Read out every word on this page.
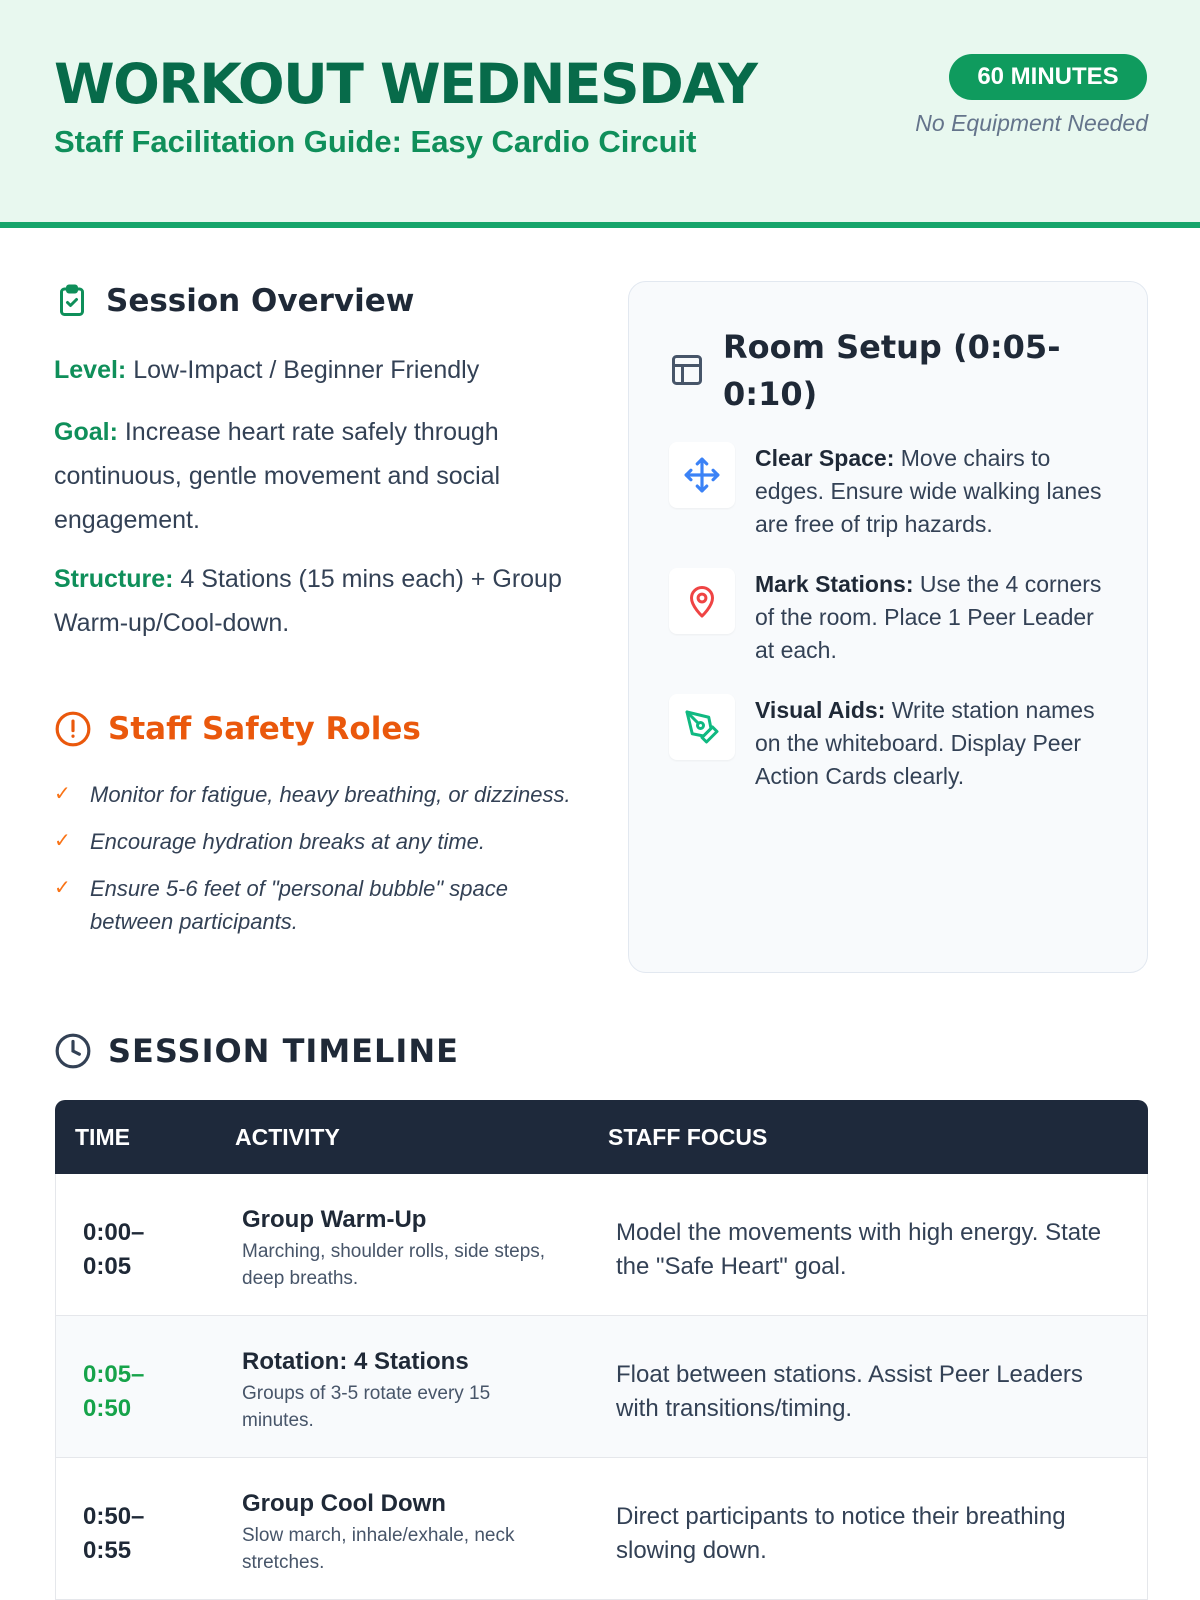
WORKOUT WEDNESDAY
Staff Facilitation Guide: Easy Cardio Circuit
60 MINUTES
No Equipment Needed
Session Overview

Level: Low-Impact / Beginner Friendly

Goal: Increase heart rate safely through continuous, gentle movement and social engagement.

Structure: 4 Stations (15 mins each) + Group Warm-up/Cool-down.

Staff Safety Roles
✓ Monitor for fatigue, heavy breathing, or dizziness.
✓ Encourage hydration breaks at any time.
✓ Ensure 5-6 feet of "personal bubble" space between participants.
Room Setup (0:05-0:10)
Clear Space: Move chairs to edges. Ensure wide walking lanes are free of trip hazards.
Mark Stations: Use the 4 corners of the room. Place 1 Peer Leader at each.
Visual Aids: Write station names on the whiteboard. Display Peer Action Cards clearly.
SESSION TIMELINE
TIME	ACTIVITY	STAFF FOCUS
0:00–
0:05
Group Warm-Up
Marching, shoulder rolls, side steps, deep breaths.
Model the movements with high energy. State the "Safe Heart" goal.
0:05–
0:50
Rotation: 4 Stations
Groups of 3-5 rotate every 15 minutes.
Float between stations. Assist Peer Leaders with transitions/timing.
0:50–
0:55
Group Cool Down
Slow march, inhale/exhale, neck stretches.
Direct participants to notice their breathing slowing down.
